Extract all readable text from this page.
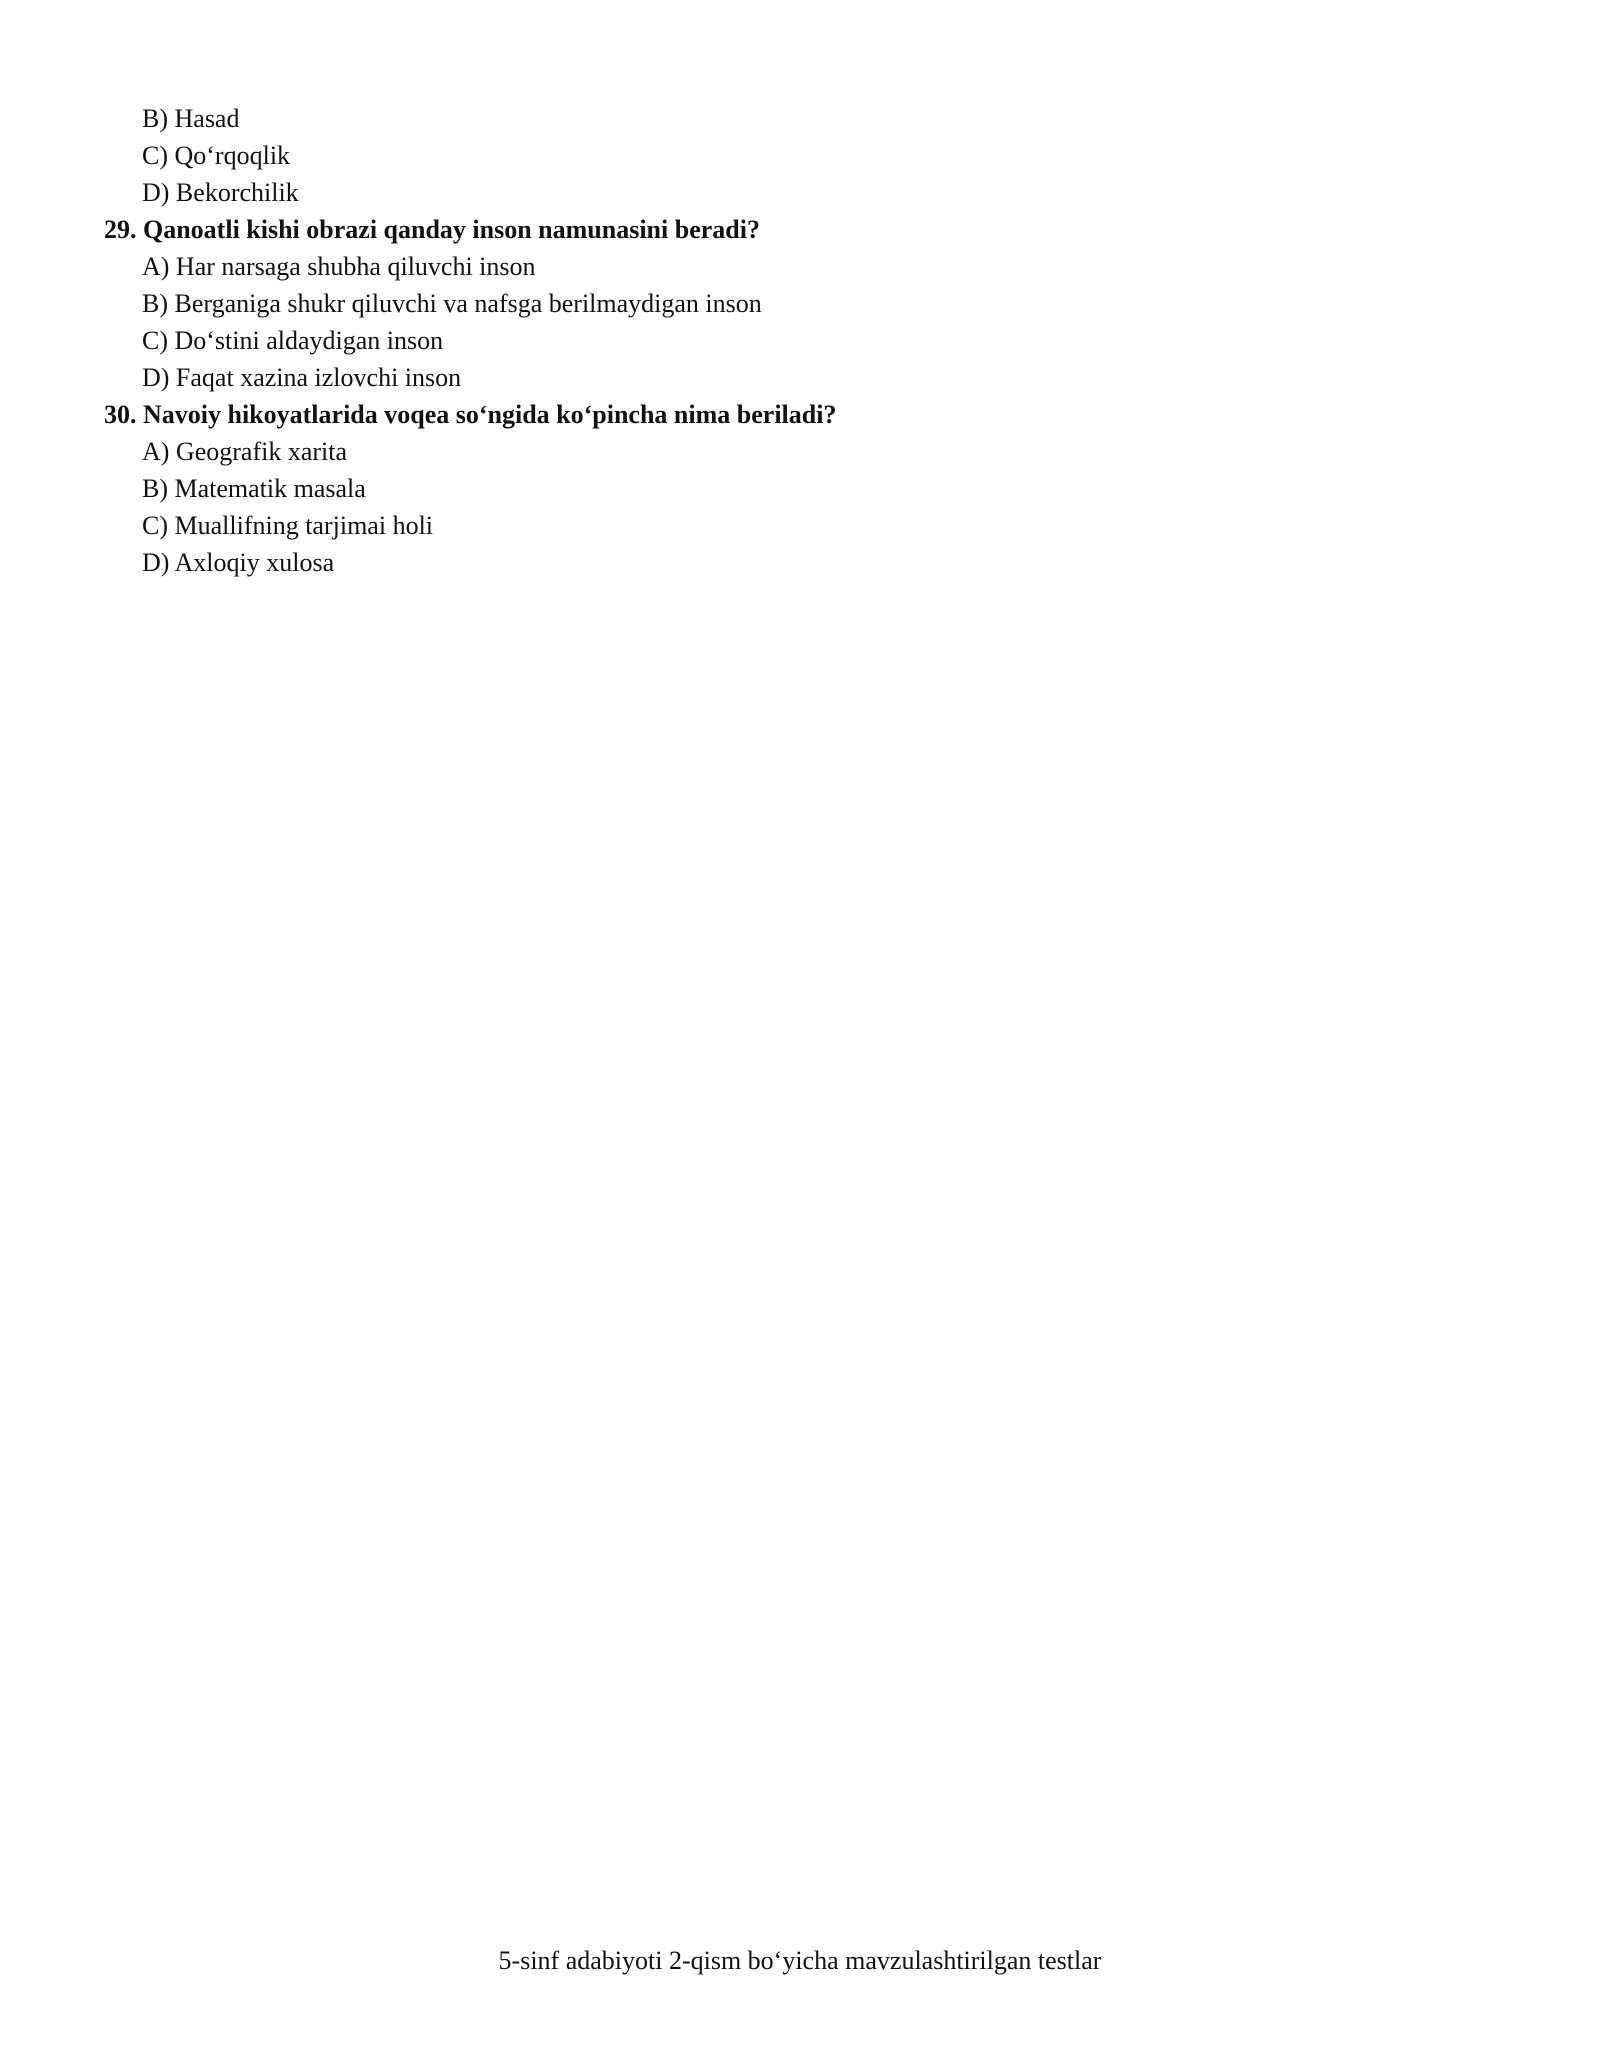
B) Hasad
C) Qo‘rqoqlik
D) Bekorchilik
29. Qanoatli kishi obrazi qanday inson namunasini beradi?
A) Har narsaga shubha qiluvchi inson
B) Berganiga shukr qiluvchi va nafsga berilmaydigan inson
C) Do‘stini aldaydigan inson
D) Faqat xazina izlovchi inson
30. Navoiy hikoyatlarida voqea so‘ngida ko‘pincha nima beriladi?
A) Geografik xarita
B) Matematik masala
C) Muallifning tarjimai holi
D) Axloqiy xulosa
5-sinf adabiyoti 2-qism bo‘yicha mavzulashtirilgan testlar
